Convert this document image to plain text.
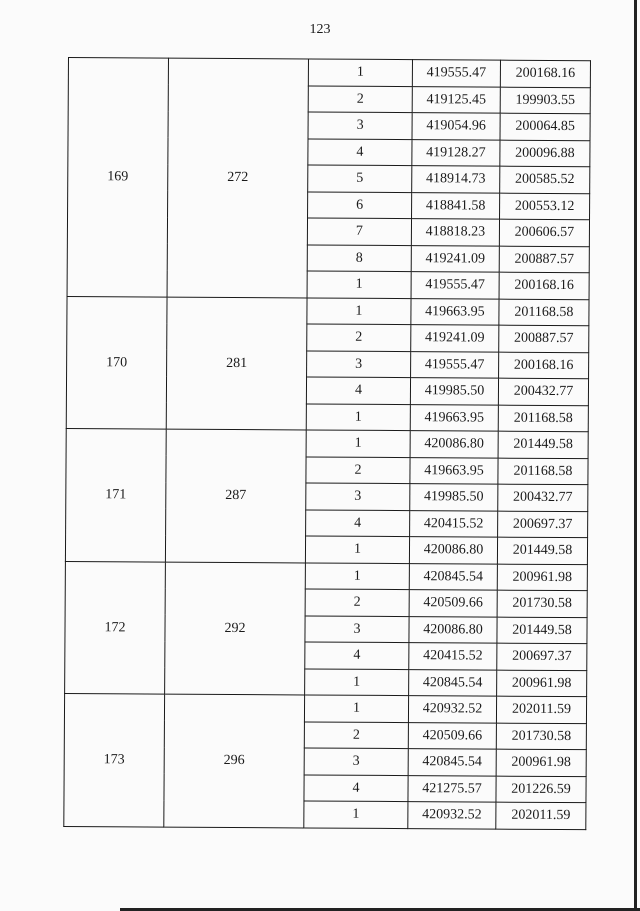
123
169	272	1	419555.47	200168.16
		2	419125.45	199903.55
		3	419054.96	200064.85
		4	419128.27	200096.88
		5	418914.73	200585.52
		6	418841.58	200553.12
		7	418818.23	200606.57
		8	419241.09	200887.57
		1	419555.47	200168.16
170	281	1	419663.95	201168.58
		2	419241.09	200887.57
		3	419555.47	200168.16
		4	419985.50	200432.77
		1	419663.95	201168.58
171	287	1	420086.80	201449.58
		2	419663.95	201168.58
		3	419985.50	200432.77
		4	420415.52	200697.37
		1	420086.80	201449.58
172	292	1	420845.54	200961.98
		2	420509.66	201730.58
		3	420086.80	201449.58
		4	420415.52	200697.37
		1	420845.54	200961.98
173	296	1	420932.52	202011.59
		2	420509.66	201730.58
		3	420845.54	200961.98
		4	421275.57	201226.59
		1	420932.52	202011.59
